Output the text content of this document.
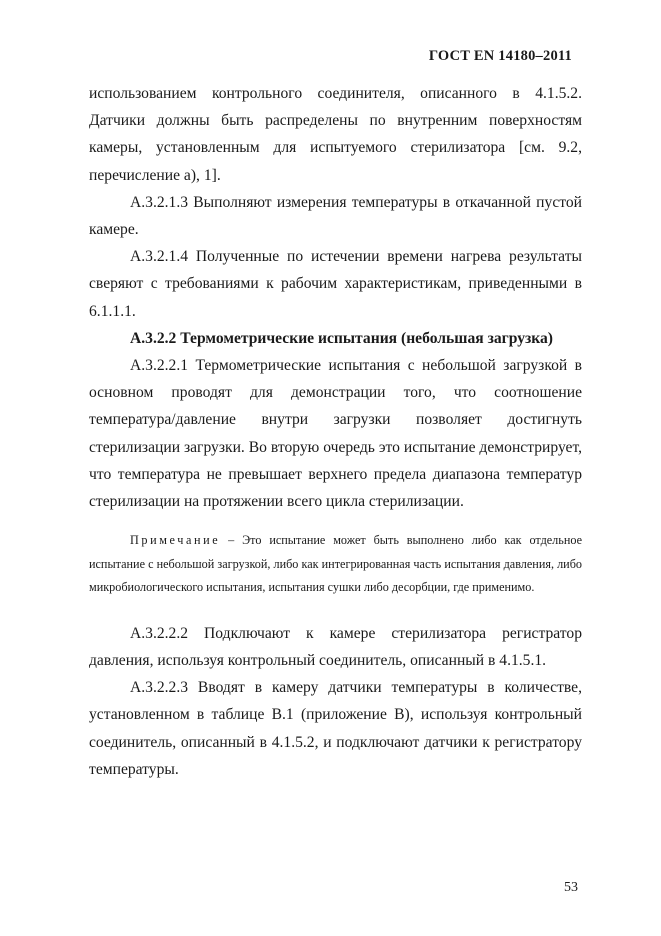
ГОСТ EN 14180–2011

использованием контрольного соединителя, описанного в 4.1.5.2. Датчики должны быть распределены по внутренним поверхностям камеры, установленным для испытуемого стерилизатора [см. 9.2, перечисление а), 1].

А.3.2.1.3 Выполняют измерения температуры в откачанной пустой камере.

А.3.2.1.4 Полученные по истечении времени нагрева результаты сверяют с требованиями к рабочим характеристикам, приведенными в 6.1.1.1.

А.3.2.2 Термометрические испытания (небольшая загрузка)

А.3.2.2.1 Термометрические испытания с небольшой загрузкой в основном проводят для демонстрации того, что соотношение температура/давление внутри загрузки позволяет достигнуть стерилизации загрузки. Во вторую очередь это испытание демонстрирует, что температура не превышает верхнего предела диапазона температур стерилизации на протяжении всего цикла стерилизации.

Примечание – Это испытание может быть выполнено либо как отдельное испытание с небольшой загрузкой, либо как интегрированная часть испытания давления, либо микробиологического испытания, испытания сушки либо десорбции, где применимо.

А.3.2.2.2 Подключают к камере стерилизатора регистратор давления, используя контрольный соединитель, описанный в 4.1.5.1.

А.3.2.2.3 Вводят в камеру датчики температуры в количестве, установленном в таблице В.1 (приложение В), используя контрольный соединитель, описанный в 4.1.5.2, и подключают датчики к регистратору температуры.

53
